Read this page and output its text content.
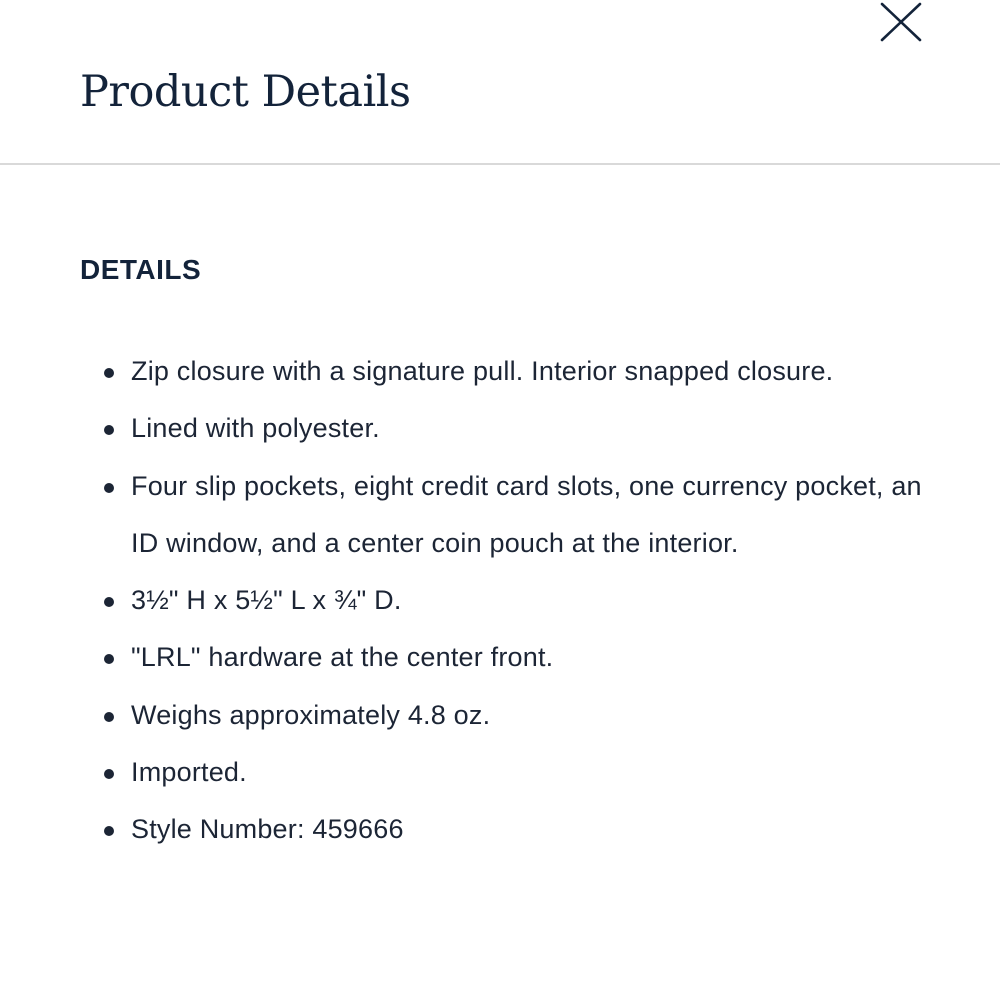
Product Details
DETAILS
Zip closure with a signature pull. Interior snapped closure.
Lined with polyester.
Four slip pockets, eight credit card slots, one currency pocket, an ID window, and a center coin pouch at the interior.
3½" H x 5½" L x ¾" D.
"LRL" hardware at the center front.
Weighs approximately 4.8 oz.
Imported.
Style Number: 459666
